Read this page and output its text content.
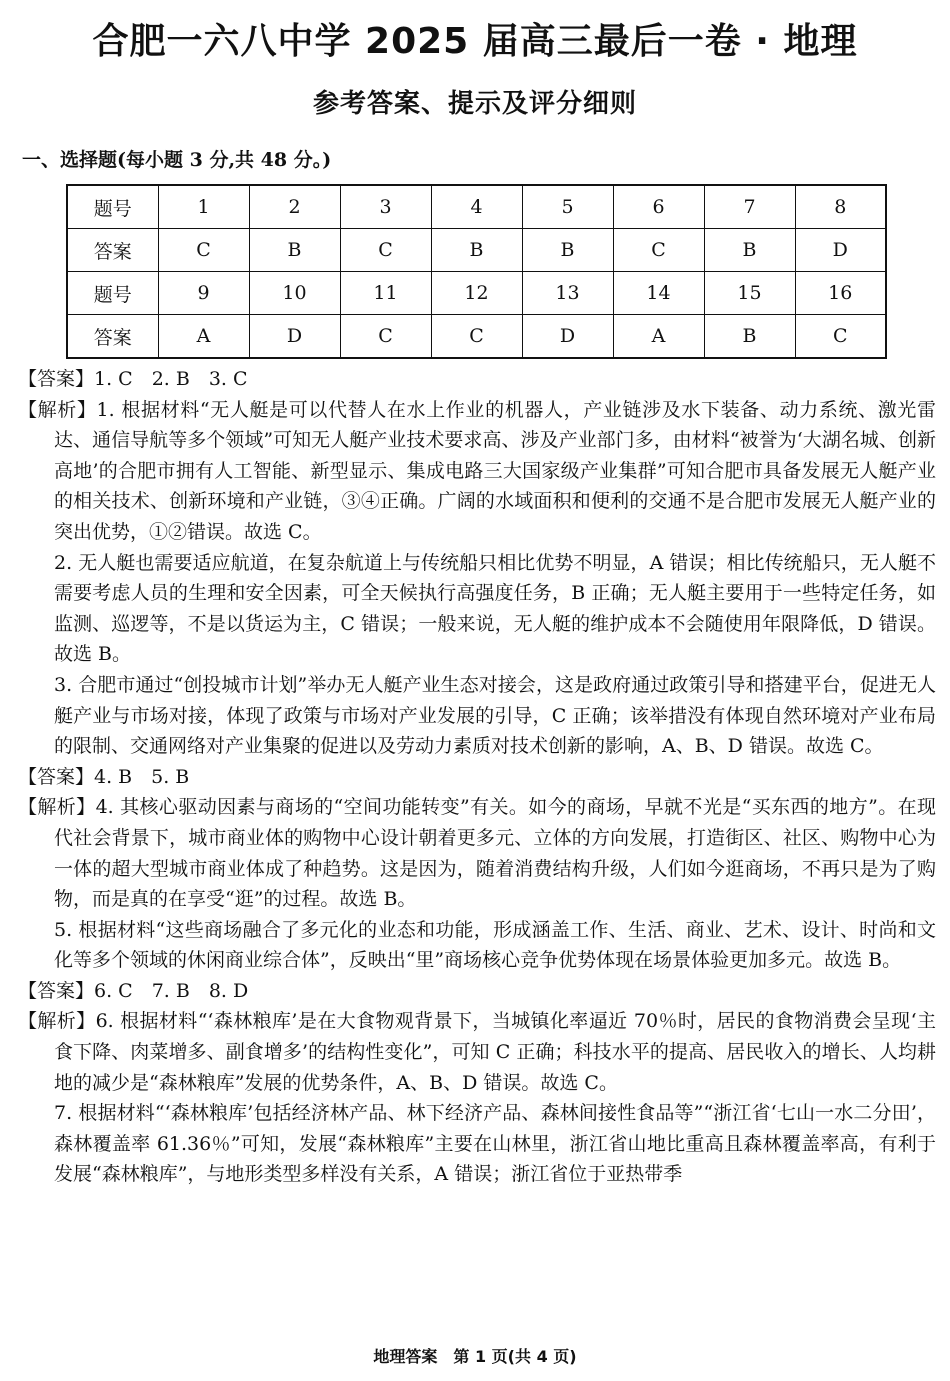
合肥一六八中学 2025 届高三最后一卷 · 地理
参考答案、提示及评分细则
一、选择题(每小题 3 分,共 48 分。)
题号	1	2	3	4	5	6	7	8
答案	C	B	C	B	B	C	B	D
题号	9	10	11	12	13	14	15	16
答案	A	D	C	C	D	A	B	C

【答案】1. C　2. B　3. C

【解析】1. 根据材料“无人艇是可以代替人在水上作业的机器人，产业链涉及水下装备、动力系统、激光雷达、通信导航等多个领域”可知无人艇产业技术要求高、涉及产业部门多，由材料“被誉为‘大湖名城、创新高地’的合肥市拥有人工智能、新型显示、集成电路三大国家级产业集群”可知合肥市具备发展无人艇产业的相关技术、创新环境和产业链，③④正确。广阔的水域面积和便利的交通不是合肥市发展无人艇产业的突出优势，①②错误。故选 C。

2. 无人艇也需要适应航道，在复杂航道上与传统船只相比优势不明显，A 错误；相比传统船只，无人艇不需要考虑人员的生理和安全因素，可全天候执行高强度任务，B 正确；无人艇主要用于一些特定任务，如监测、巡逻等，不是以货运为主，C 错误；一般来说，无人艇的维护成本不会随使用年限降低，D 错误。故选 B。

3. 合肥市通过“创投城市计划”举办无人艇产业生态对接会，这是政府通过政策引导和搭建平台，促进无人艇产业与市场对接，体现了政策与市场对产业发展的引导，C 正确；该举措没有体现自然环境对产业布局的限制、交通网络对产业集聚的促进以及劳动力素质对技术创新的影响，A、B、D 错误。故选 C。

【答案】4. B　5. B

【解析】4. 其核心驱动因素与商场的“空间功能转变”有关。如今的商场，早就不光是“买东西的地方”。在现代社会背景下，城市商业体的购物中心设计朝着更多元、立体的方向发展，打造街区、社区、购物中心为一体的超大型城市商业体成了种趋势。这是因为，随着消费结构升级，人们如今逛商场，不再只是为了购物，而是真的在享受“逛”的过程。故选 B。

5. 根据材料“这些商场融合了多元化的业态和功能，形成涵盖工作、生活、商业、艺术、设计、时尚和文化等多个领域的休闲商业综合体”，反映出“里”商场核心竞争优势体现在场景体验更加多元。故选 B。

【答案】6. C　7. B　8. D

【解析】6. 根据材料“‘森林粮库’是在大食物观背景下，当城镇化率逼近 70％时，居民的食物消费会呈现‘主食下降、肉菜增多、副食增多’的结构性变化”，可知 C 正确；科技水平的提高、居民收入的增长、人均耕地的减少是“森林粮库”发展的优势条件，A、B、D 错误。故选 C。

7. 根据材料“‘森林粮库’包括经济林产品、林下经济产品、森林间接性食品等”“浙江省‘七山一水二分田’，森林覆盖率 61.36％”可知，发展“森林粮库”主要在山林里，浙江省山地比重高且森林覆盖率高，有利于发展“森林粮库”，与地形类型多样没有关系，A 错误；浙江省位于亚热带季

地理答案　第 1 页(共 4 页)
